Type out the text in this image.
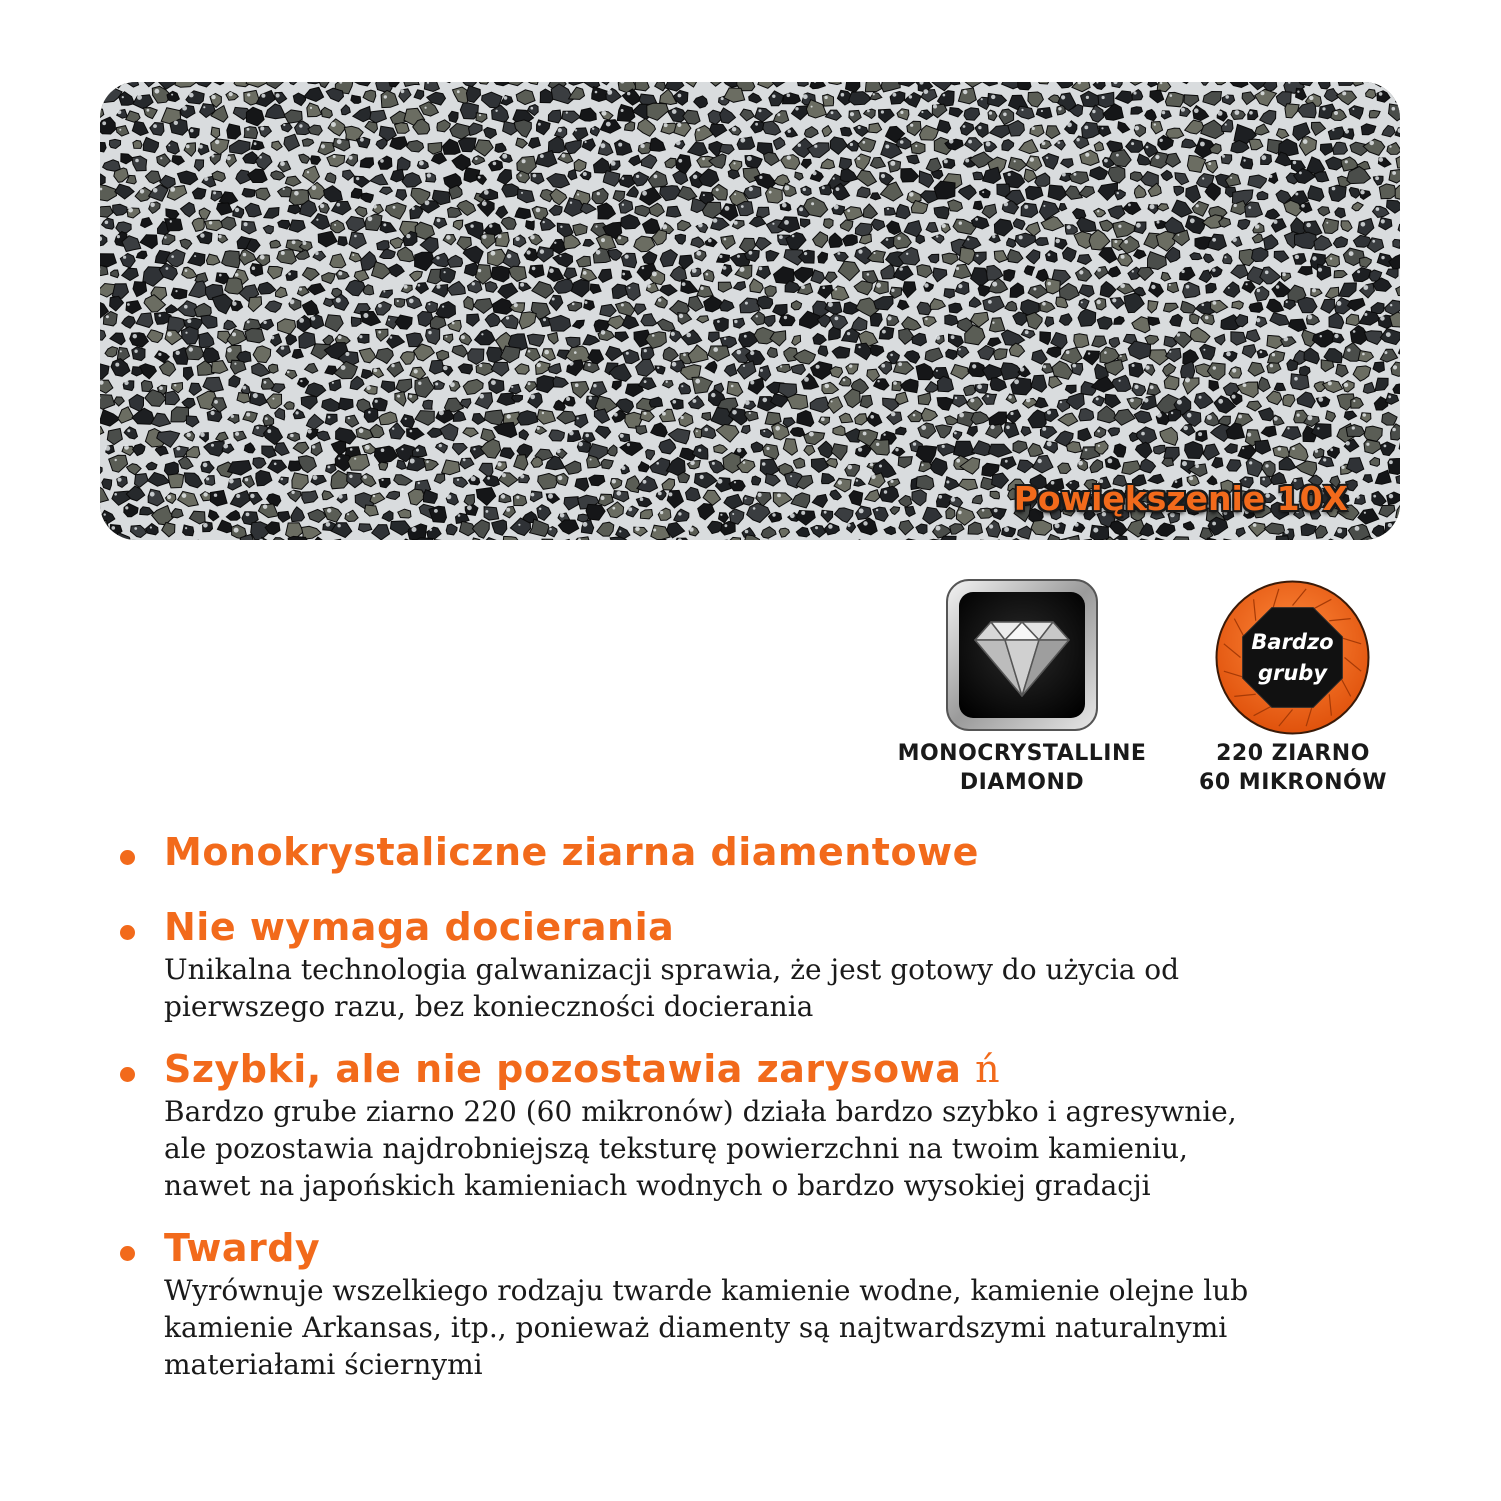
Powiększenie 10X
MONOCRYSTALLINE
DIAMOND
Bardzo
gruby
220 ZIARNO
60 MIKRONÓW
Monokrystaliczne ziarna diamentowe
Nie wymaga docierania
Unikalna technologia galwanizacji sprawia, że jest gotowy do użycia od
pierwszego razu, bez konieczności docierania
Szybki, ale nie pozostawia zarysowa ń
Bardzo grube ziarno 220 (60 mikronów) działa bardzo szybko i agresywnie,
ale pozostawia najdrobniejszą teksturę powierzchni na twoim kamieniu,
nawet na japońskich kamieniach wodnych o bardzo wysokiej gradacji
Twardy
Wyrównuje wszelkiego rodzaju twarde kamienie wodne, kamienie olejne lub
kamienie Arkansas, itp., ponieważ diamenty są najtwardszymi naturalnymi
materiałami ściernymi
